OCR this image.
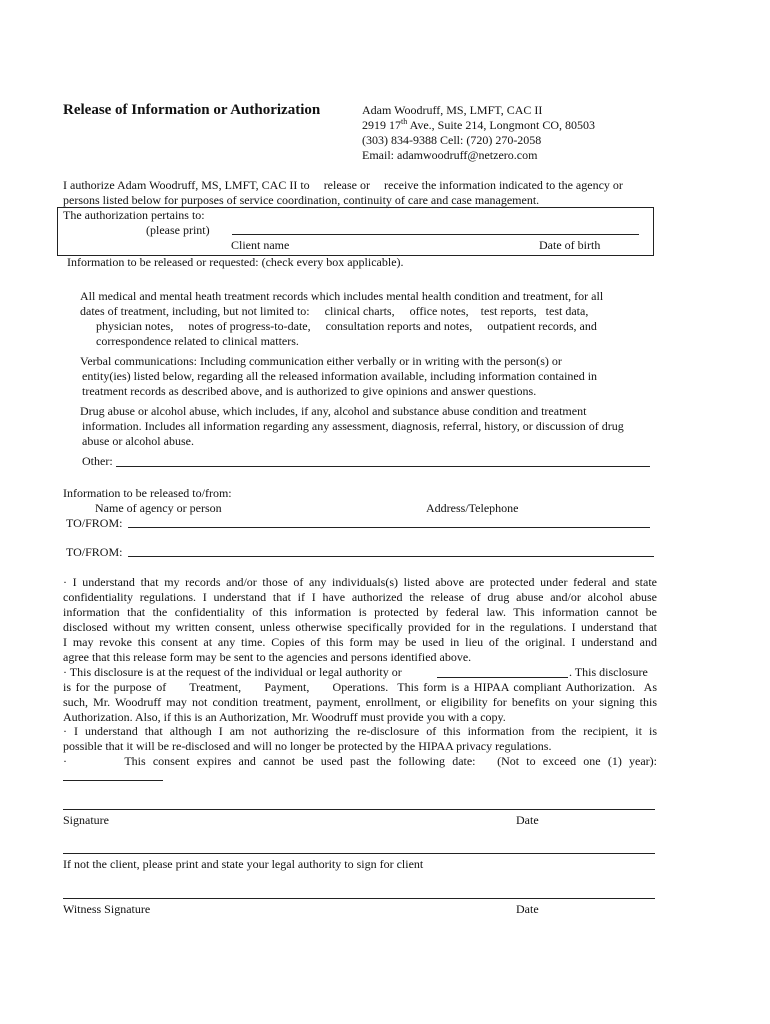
Release of Information or Authorization	Adam Woodruff, MS, LMFT, CAC II
2919 17th Ave., Suite 214, Longmont CO, 80503
(303) 834-9388 Cell: (720) 270-2058
Email: adamwoodruff@netzero.com
I authorize Adam Woodruff, MS, LMFT, CAC II to release or receive the information indicated to the agency or
persons listed below for purposes of service coordination, continuity of care and case management.
The authorization pertains to:
(please print)
Client name	Date of birth
Information to be released or requested: (check every box applicable).
All medical and mental heath treatment records which includes mental health condition and treatment, for all
dates of treatment, including, but not limited to:     clinical charts,     office notes,    test reports,   test data,
physician notes,     notes of progress-to-date,     consultation reports and notes,     outpatient records, and
correspondence related to clinical matters.
Verbal communications: Including communication either verbally or in writing with the person(s) or
entity(ies) listed below, regarding all the released information available, including information contained in
treatment records as described above, and is authorized to give opinions and answer questions.
Drug abuse or alcohol abuse, which includes, if any, alcohol and substance abuse condition and treatment
information. Includes all information regarding any assessment, diagnosis, referral, history, or discussion of drug
abuse or alcohol abuse.
Other:
Information to be released to/from:
Name of agency or person	Address/Telephone
TO/FROM:
TO/FROM:
· I understand that my records and/or those of any individuals(s) listed above are protected under federal and state
confidentiality regulations. I understand that if I have authorized the release of drug abuse and/or alcohol abuse
information that the confidentiality of this information is protected by federal law. This information cannot be
disclosed without my written consent, unless otherwise specifically provided for in the regulations. I understand that
I may revoke this consent at any time. Copies of this form may be used in lieu of the original. I understand and
agree that this release form may be sent to the agencies and persons identified above.
· This disclosure is at the request of the individual or legal authority or	. This disclosure
is for the purpose of     Treatment,     Payment,     Operations.  This form is a HIPAA compliant Authorization.  As
such, Mr. Woodruff may not condition treatment, payment, enrollment, or eligibility for benefits on your signing this
Authorization. Also, if this is an Authorization, Mr. Woodruff must provide you with a copy.
· I understand that although I am not authorizing the re-disclosure of this information from the recipient, it is
possible that it will be re-disclosed and will no longer be protected by the HIPAA privacy regulations.
·        This consent expires and cannot be used past the following date:   (Not to exceed one (1) year):
Signature	Date
If not the client, please print and state your legal authority to sign for client
Witness Signature	Date
